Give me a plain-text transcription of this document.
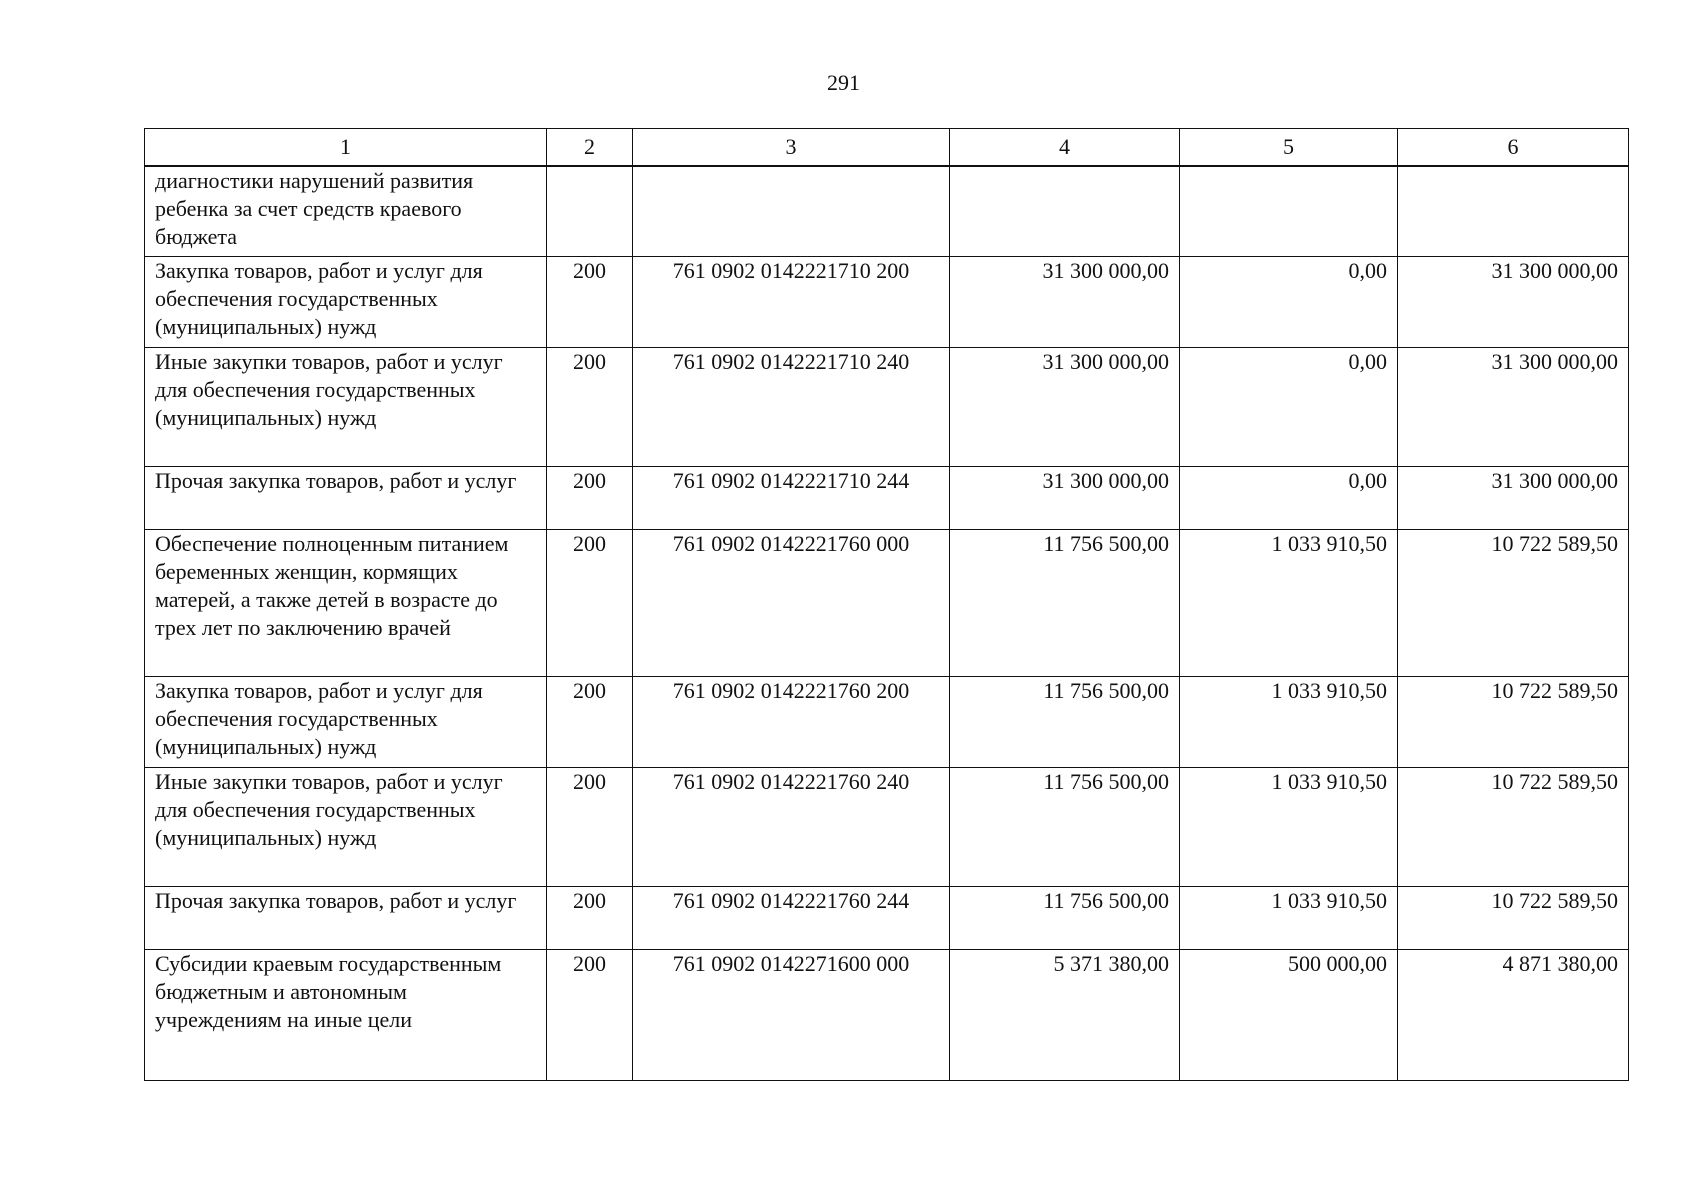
291
1	2	3	4	5	6
диагностики нарушений развития ребенка за счет средств краевого бюджета					
Закупка товаров, работ и услуг для обеспечения государственных (муниципальных) нужд	200	761 0902 0142221710 200	31 300 000,00	0,00	31 300 000,00
Иные закупки товаров, работ и услуг для обеспечения государственных (муниципальных) нужд	200	761 0902 0142221710 240	31 300 000,00	0,00	31 300 000,00
Прочая закупка товаров, работ и услуг	200	761 0902 0142221710 244	31 300 000,00	0,00	31 300 000,00
Обеспечение полноценным питанием беременных женщин, кормящих матерей, а также детей в возрасте до трех лет по заключению врачей	200	761 0902 0142221760 000	11 756 500,00	1 033 910,50	10 722 589,50
Закупка товаров, работ и услуг для обеспечения государственных (муниципальных) нужд	200	761 0902 0142221760 200	11 756 500,00	1 033 910,50	10 722 589,50
Иные закупки товаров, работ и услуг для обеспечения государственных (муниципальных) нужд	200	761 0902 0142221760 240	11 756 500,00	1 033 910,50	10 722 589,50
Прочая закупка товаров, работ и услуг	200	761 0902 0142221760 244	11 756 500,00	1 033 910,50	10 722 589,50
Субсидии краевым государственным бюджетным и автономным учреждениям на иные цели	200	761 0902 0142271600 000	5 371 380,00	500 000,00	4 871 380,00
